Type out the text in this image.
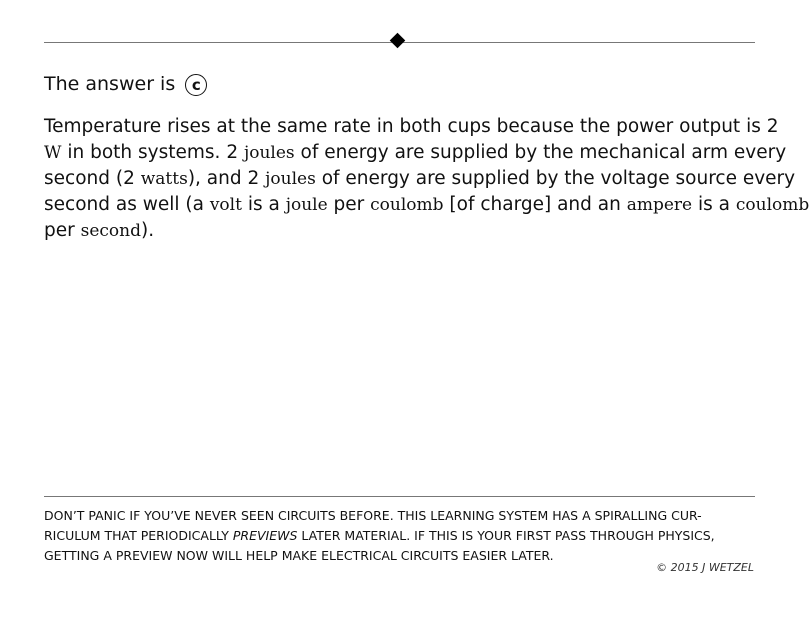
The answer is c
Temperature rises at the same rate in both cups because the power output is 2
W in both systems. 2 joules of energy are supplied by the mechanical arm every
second (2 watts), and 2 joules of energy are supplied by the voltage source every
second as well (a volt is a joule per coulomb [of charge] and an ampere is a coulomb
per second).
DON’T PANIC IF YOU’VE NEVER SEEN CIRCUITS BEFORE. THIS LEARNING SYSTEM HAS A SPIRALLING CUR-
RICULUM THAT PERIODICALLY PREVIEWS LATER MATERIAL. IF THIS IS YOUR FIRST PASS THROUGH PHYSICS,
GETTING A PREVIEW NOW WILL HELP MAKE ELECTRICAL CIRCUITS EASIER LATER.
© 2015 J WETZEL
